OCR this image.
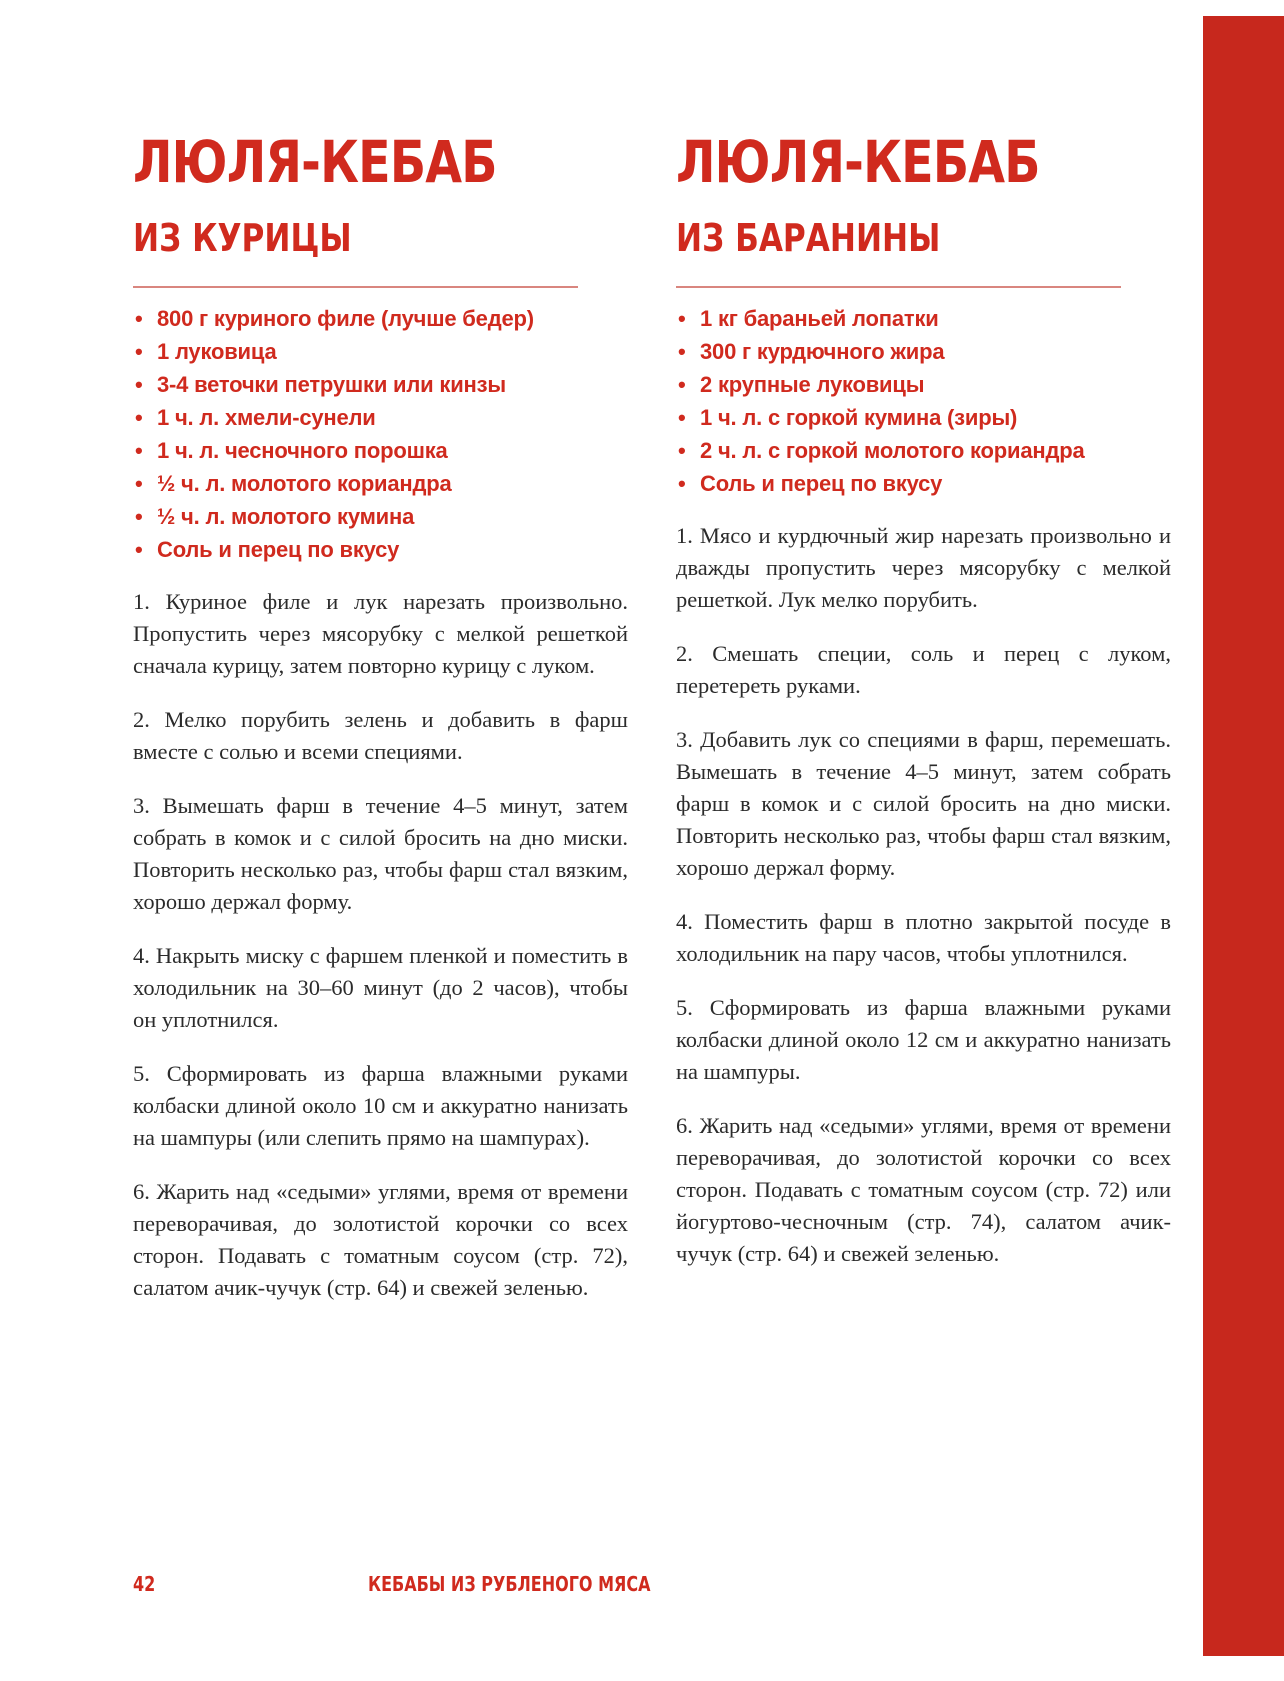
ЛЮЛЯ-КЕБАБ
ИЗ КУРИЦЫ
• 800 г куриного филе (лучше бедер)
• 1 луковица
• 3-4 веточки петрушки или кинзы
• 1 ч. л. хмели-сунели
• 1 ч. л. чесночного порошка
• ½ ч. л. молотого кориандра
• ½ ч. л. молотого кумина
• Соль и перец по вкусу

1. Куриное филе и лук нарезать произвольно. Пропустить через мясорубку с мелкой решеткой сначала курицу, затем повторно курицу с луком.

2. Мелко порубить зелень и добавить в фарш вместе с солью и всеми специями.

3. Вымешать фарш в течение 4–5 минут, затем собрать в комок и с силой бросить на дно миски. Повторить несколько раз, чтобы фарш стал вязким, хорошо держал форму.

4. Накрыть миску с фаршем пленкой и поместить в холодильник на 30–60 минут (до 2 часов), чтобы он уплотнился.

5. Сформировать из фарша влажными руками колбаски длиной около 10 см и аккуратно нанизать на шампуры (или слепить прямо на шампурах).

6. Жарить над «седыми» углями, время от времени переворачивая, до золотистой корочки со всех сторон. Подавать с томатным соусом (стр. 72), салатом ачик-чучук (стр. 64) и свежей зеленью.

ЛЮЛЯ-КЕБАБ
ИЗ БАРАНИНЫ
• 1 кг бараньей лопатки
• 300 г курдючного жира
• 2 крупные луковицы
• 1 ч. л. с горкой кумина (зиры)
• 2 ч. л. с горкой молотого кориандра
• Соль и перец по вкусу

1. Мясо и курдючный жир нарезать произвольно и дважды пропустить через мясорубку с мелкой решеткой. Лук мелко порубить.

2. Смешать специи, соль и перец с луком, перетереть руками.

3. Добавить лук со специями в фарш, перемешать. Вымешать в течение 4–5 минут, затем собрать фарш в комок и с силой бросить на дно миски. Повторить несколько раз, чтобы фарш стал вязким, хорошо держал форму.

4. Поместить фарш в плотно закрытой посуде в холодильник на пару часов, чтобы уплотнился.

5. Сформировать из фарша влажными руками колбаски длиной около 12 см и аккуратно нанизать на шампуры.

6. Жарить над «седыми» углями, время от времени переворачивая, до золотистой корочки со всех сторон. Подавать с томатным соусом (стр. 72) или йогуртово-чесночным (стр. 74), салатом ачик-чучук (стр. 64) и свежей зеленью.

42	КЕБАБЫ ИЗ РУБЛЕНОГО МЯСА
